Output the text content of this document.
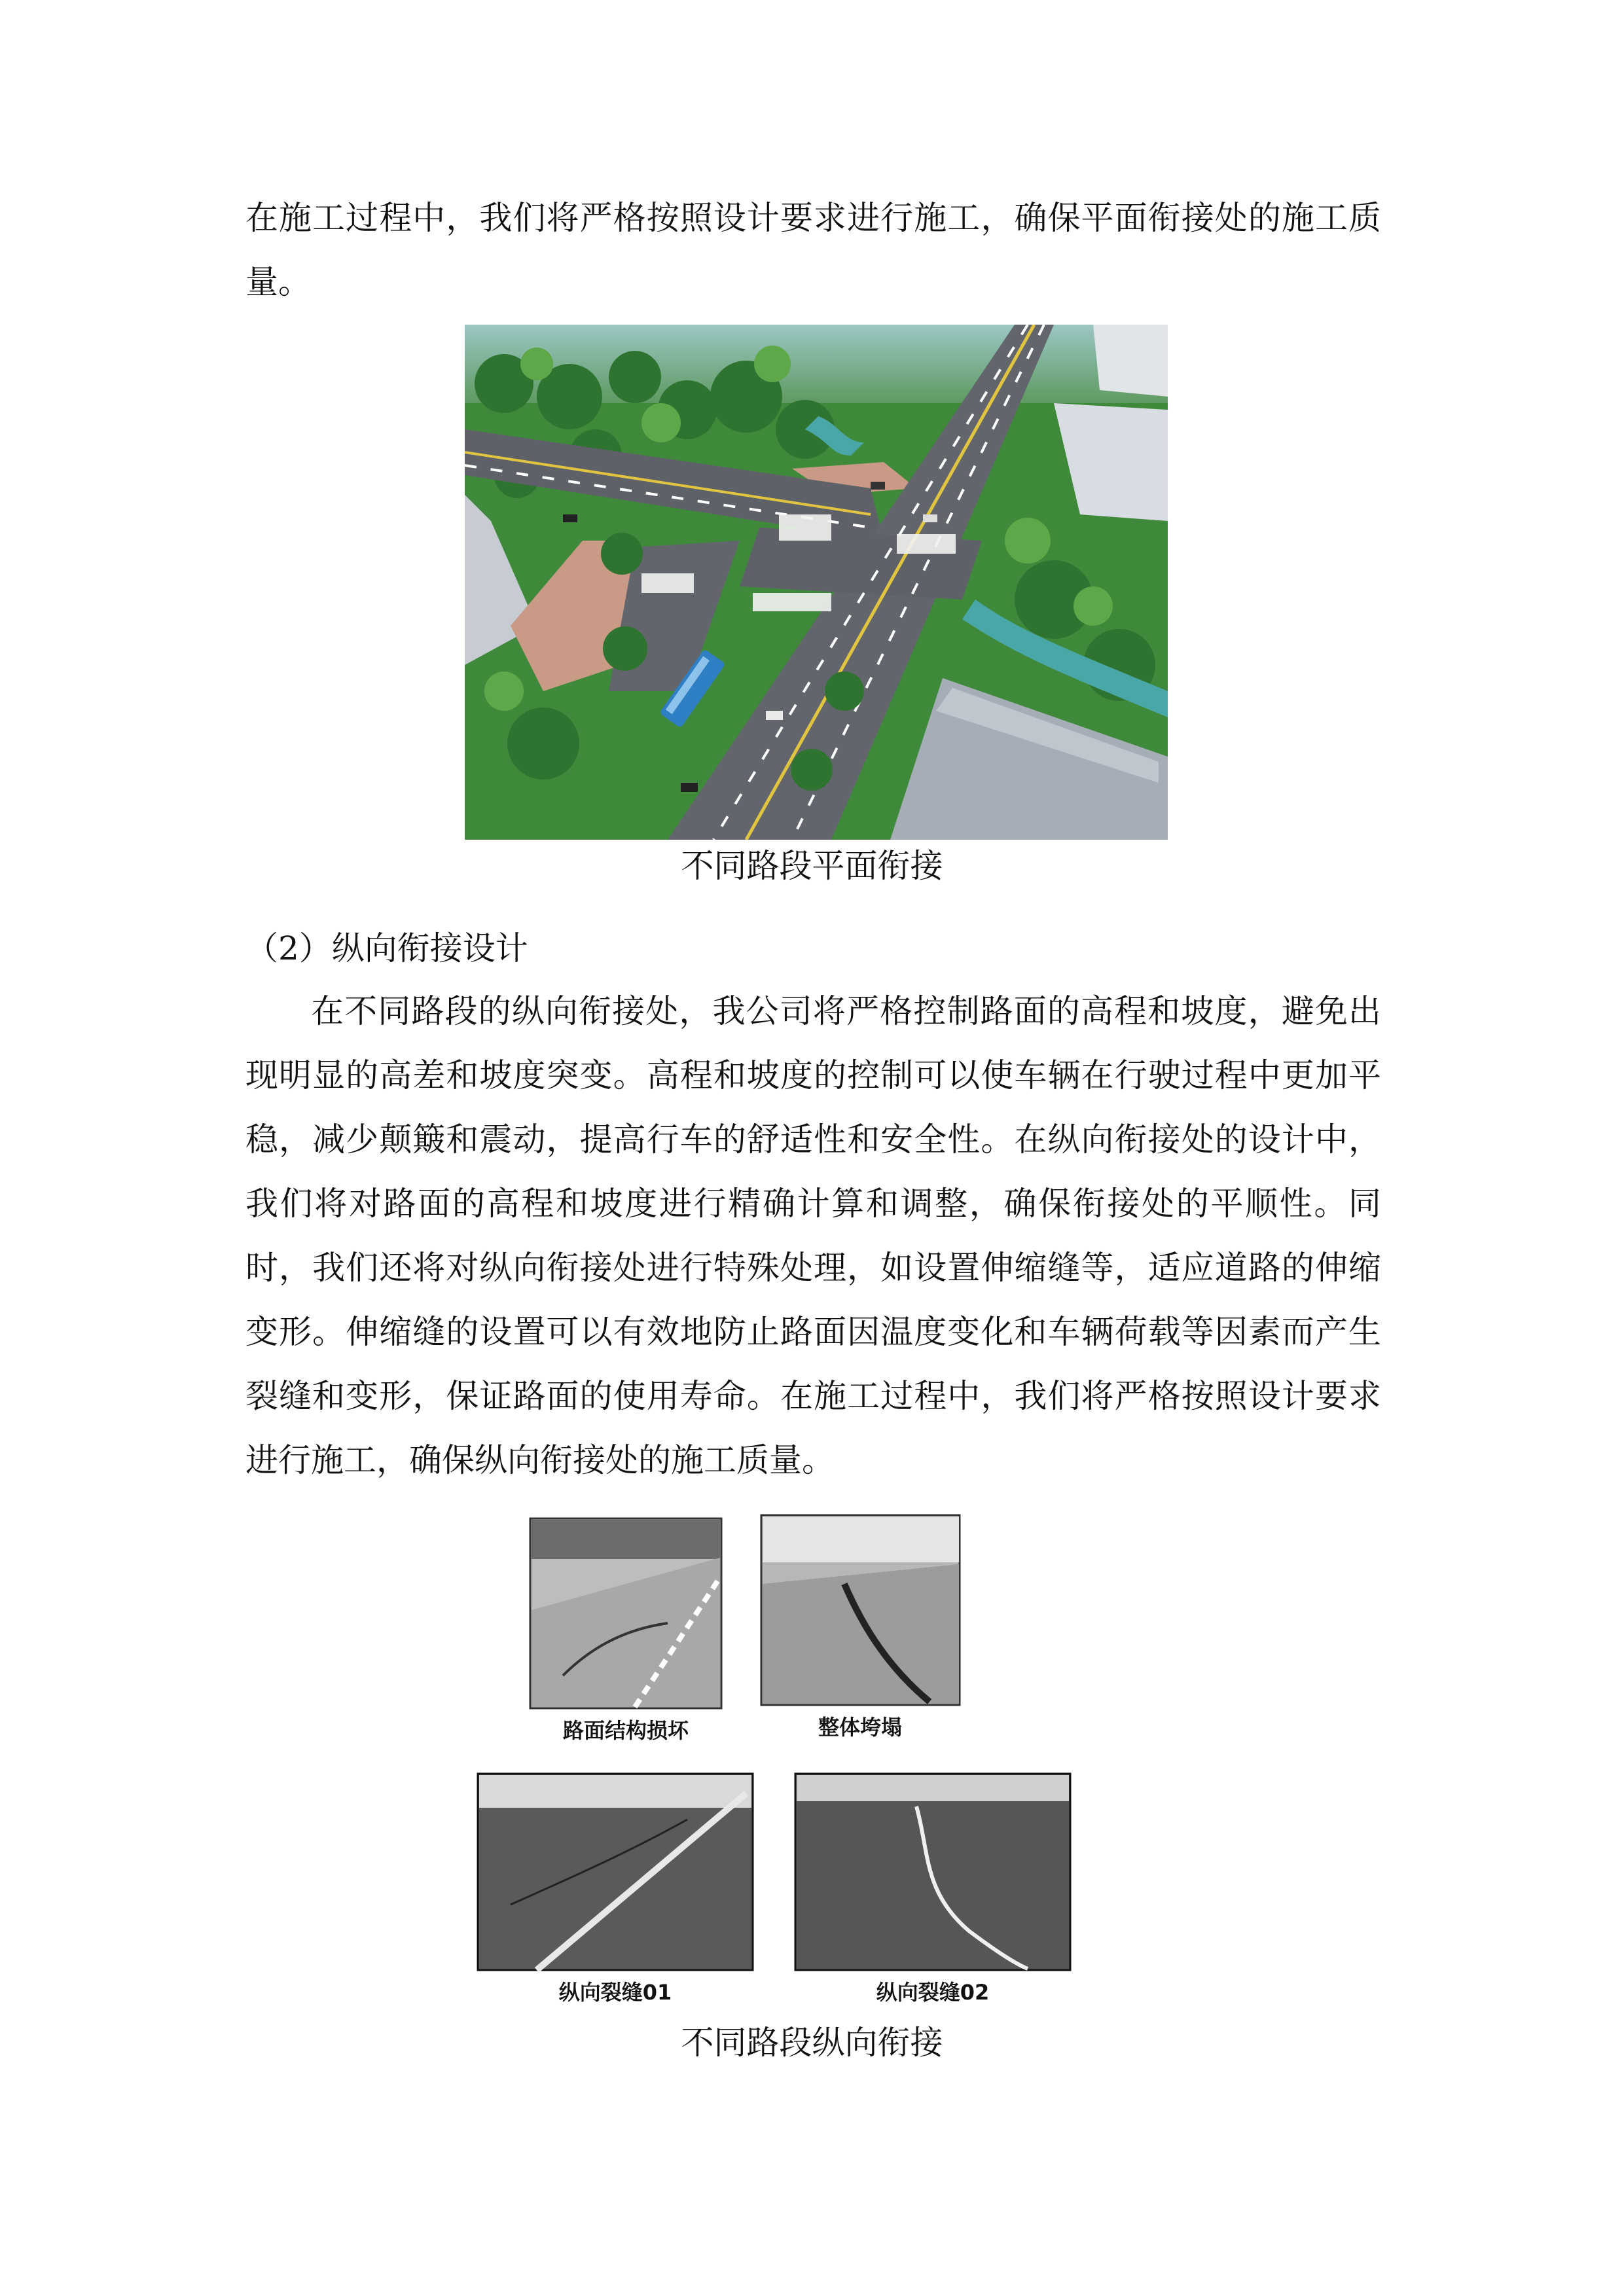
在施工过程中，我们将严格按照设计要求进行施工，确保平面衔接处的施工质量。

不同路段平面衔接

（2）纵向衔接设计

在不同路段的纵向衔接处，我公司将严格控制路面的高程和坡度，避免出现明显的高差和坡度突变。高程和坡度的控制可以使车辆在行驶过程中更加平稳，减少颠簸和震动，提高行车的舒适性和安全性。在纵向衔接处的设计中，我们将对路面的高程和坡度进行精确计算和调整，确保衔接处的平顺性。同时，我们还将对纵向衔接处进行特殊处理，如设置伸缩缝等，适应道路的伸缩变形。伸缩缝的设置可以有效地防止路面因温度变化和车辆荷载等因素而产生裂缝和变形，保证路面的使用寿命。在施工过程中，我们将严格按照设计要求进行施工，确保纵向衔接处的施工质量。

路面结构损坏	整体垮塌
纵向裂缝01	纵向裂缝02

不同路段纵向衔接
